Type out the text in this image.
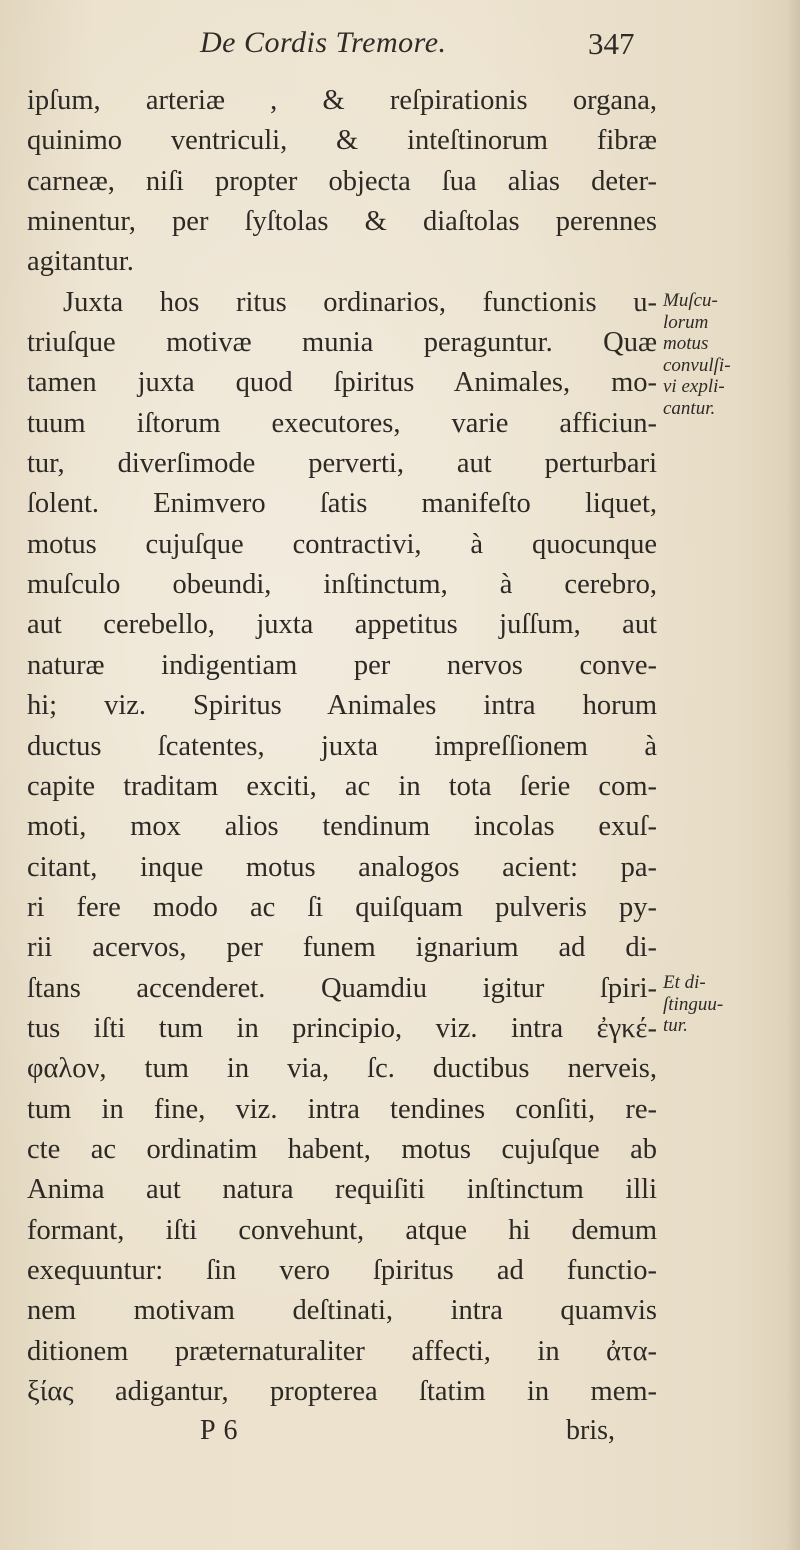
De Cordis Tremore.	347
ipſum, arteriæ , & reſpirationis organa,
quinimo ventriculi, & inteſtinorum fibræ
carneæ, niſi propter objecta ſua alias deter-
minentur, per ſyſtolas & diaſtolas perennes
agitantur.
Juxta hos ritus ordinarios, functionis u-
triuſque motivæ munia peraguntur. Quæ
tamen juxta quod ſpiritus Animales, mo-
tuum iſtorum executores, varie afficiun-
tur, diverſimode perverti, aut perturbari
ſolent. Enimvero ſatis manifeſto liquet,
motus cujuſque contractivi, à quocunque
muſculo obeundi, inſtinctum, à cerebro,
aut cerebello, juxta appetitus juſſum, aut
naturæ indigentiam per nervos conve-
hi; viz. Spiritus Animales intra horum
ductus ſcatentes, juxta impreſſionem à
capite traditam exciti, ac in tota ſerie com-
moti, mox alios tendinum incolas exuſ-
citant, inque motus analogos acient: pa-
ri fere modo ac ſi quiſquam pulveris py-
rii acervos, per funem ignarium ad di-
ſtans accenderet. Quamdiu igitur ſpiri-
tus iſti tum in principio, viz. intra ἐγκέ-
φαλον, tum in via, ſc. ductibus nerveis,
tum in fine, viz. intra tendines conſiti, re-
cte ac ordinatim habent, motus cujuſque ab
Anima aut natura requiſiti inſtinctum illi
formant, iſti convehunt, atque hi demum
exequuntur: ſin vero ſpiritus ad functio-
nem motivam deſtinati, intra quamvis
ditionem præternaturaliter affecti, in ἀτα-
ξίας adigantur, propterea ſtatim in mem-
Muſcu-
lorum
motus
convulſi-
vi expli-
cantur.
Et di-
ſtinguu-
tur.
P 6	bris,
